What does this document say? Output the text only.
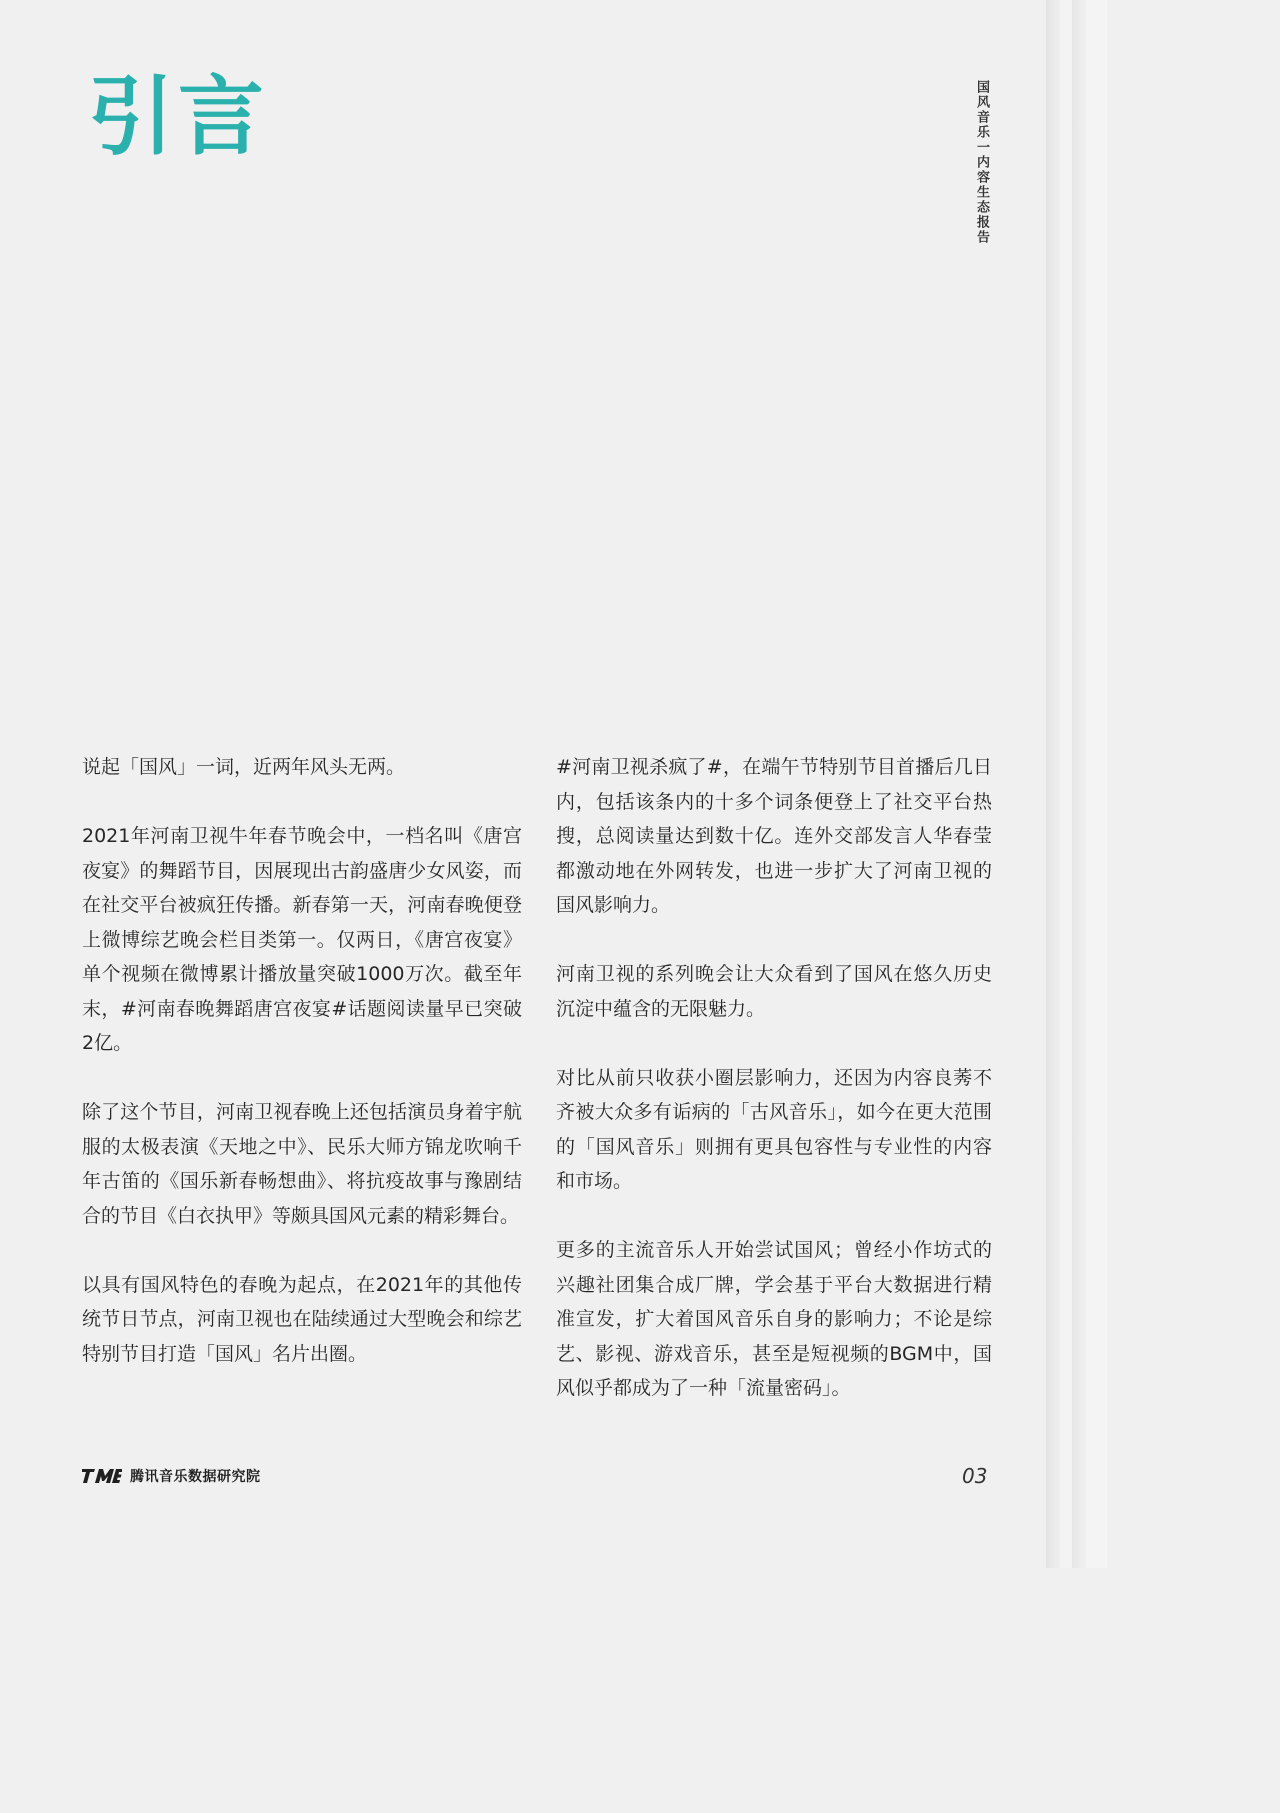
引言	国风音乐一内容生态报告

说起「国风」一词，近两年风头无两。

2021年河南卫视牛年春节晚会中，一档名叫《唐宫夜宴》的舞蹈节目，因展现出古韵盛唐少女风姿，而在社交平台被疯狂传播。新春第一天，河南春晚便登上微博综艺晚会栏目类第一。仅两日，《唐宫夜宴》单个视频在微博累计播放量突破1000万次。截至年末，#河南春晚舞蹈唐宫夜宴#话题阅读量早已突破2亿。

除了这个节目，河南卫视春晚上还包括演员身着宇航服的太极表演《天地之中》、民乐大师方锦龙吹响千年古笛的《国乐新春畅想曲》、将抗疫故事与豫剧结合的节目《白衣执甲》等颇具国风元素的精彩舞台。

以具有国风特色的春晚为起点，在2021年的其他传统节日节点，河南卫视也在陆续通过大型晚会和综艺特别节目打造「国风」名片出圈。

#河南卫视杀疯了#，在端午节特别节目首播后几日内，包括该条内的十多个词条便登上了社交平台热搜，总阅读量达到数十亿。连外交部发言人华春莹都激动地在外网转发，也进一步扩大了河南卫视的国风影响力。

河南卫视的系列晚会让大众看到了国风在悠久历史沉淀中蕴含的无限魅力。

对比从前只收获小圈层影响力，还因为内容良莠不齐被大众多有诟病的「古风音乐」，如今在更大范围的「国风音乐」则拥有更具包容性与专业性的内容和市场。

更多的主流音乐人开始尝试国风；曾经小作坊式的兴趣社团集合成厂牌，学会基于平台大数据进行精准宣发，扩大着国风音乐自身的影响力；不论是综艺、影视、游戏音乐，甚至是短视频的BGM中，国风似乎都成为了一种「流量密码」。

腾讯音乐数据研究院	03
